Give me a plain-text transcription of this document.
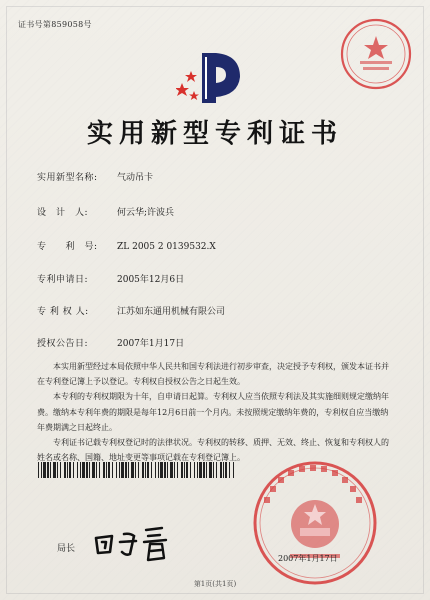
证书号第859058号
实用新型专利证书
实用新型名称: 气动吊卡
设　计　人:	何云华;许波兵
专　　利　号: ZL 2005 2 0139532.X
专利申请日:	2005年12月6日
专 利 权 人:	江苏如东通用机械有限公司
授权公告日:	2007年1月17日

本实用新型经过本局依照中华人民共和国专利法进行初步审查，决定授予专利权，颁发本证书并在专利登记簿上予以登记。专利权自授权公告之日起生效。

本专利的专利权期限为十年，自申请日起算。专利权人应当依照专利法及其实施细则规定缴纳年费。缴纳本专利年费的期限是每年12月6日前一个月内。未按照规定缴纳年费的，专利权自应当缴纳年费期满之日起终止。

专利证书记载专利权登记时的法律状况。专利权的转移、质押、无效、终止、恢复和专利权人的姓名或名称、国籍、地址变更等事项记载在专利登记簿上。

局长
2007年1月17日
第1页(共1页)
